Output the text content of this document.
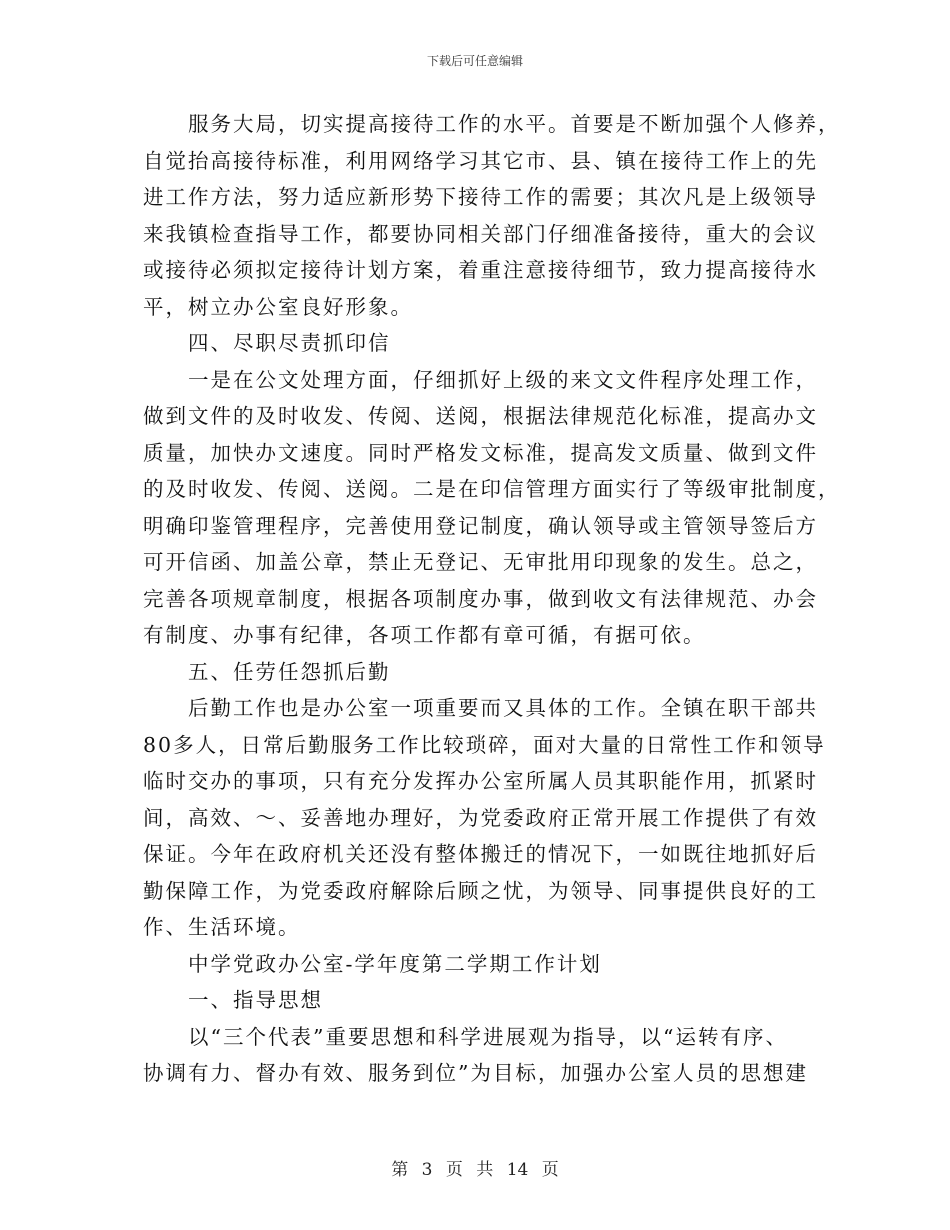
下载后可任意编辑
服务大局，切实提高接待工作的水平。首要是不断加强个人修养，
自觉抬高接待标准，利用网络学习其它市、县、镇在接待工作上的先
进工作方法，努力适应新形势下接待工作的需要；其次凡是上级领导
来我镇检查指导工作，都要协同相关部门仔细准备接待，重大的会议
或接待必须拟定接待计划方案，着重注意接待细节，致力提高接待水
平，树立办公室良好形象。
四、尽职尽责抓印信
一是在公文处理方面，仔细抓好上级的来文文件程序处理工作，
做到文件的及时收发、传阅、送阅，根据法律规范化标准，提高办文
质量，加快办文速度。同时严格发文标准，提高发文质量、做到文件
的及时收发、传阅、送阅。二是在印信管理方面实行了等级审批制度，
明确印鉴管理程序，完善使用登记制度，确认领导或主管领导签后方
可开信函、加盖公章，禁止无登记、无审批用印现象的发生。总之，
完善各项规章制度，根据各项制度办事，做到收文有法律规范、办会
有制度、办事有纪律，各项工作都有章可循，有据可依。
五、任劳任怨抓后勤
后勤工作也是办公室一项重要而又具体的工作。全镇在职干部共
80多人，日常后勤服务工作比较琐碎，面对大量的日常性工作和领导
临时交办的事项，只有充分发挥办公室所属人员其职能作用，抓紧时
间，高效、～、妥善地办理好，为党委政府正常开展工作提供了有效
保证。今年在政府机关还没有整体搬迁的情况下，一如既往地抓好后
勤保障工作，为党委政府解除后顾之忧，为领导、同事提供良好的工
作、生活环境。
中学党政办公室-学年度第二学期工作计划
一、指导思想
以“三个代表”重要思想和科学进展观为指导，以“运转有序、
协调有力、督办有效、服务到位”为目标，加强办公室人员的思想建
第 3 页 共 14 页
